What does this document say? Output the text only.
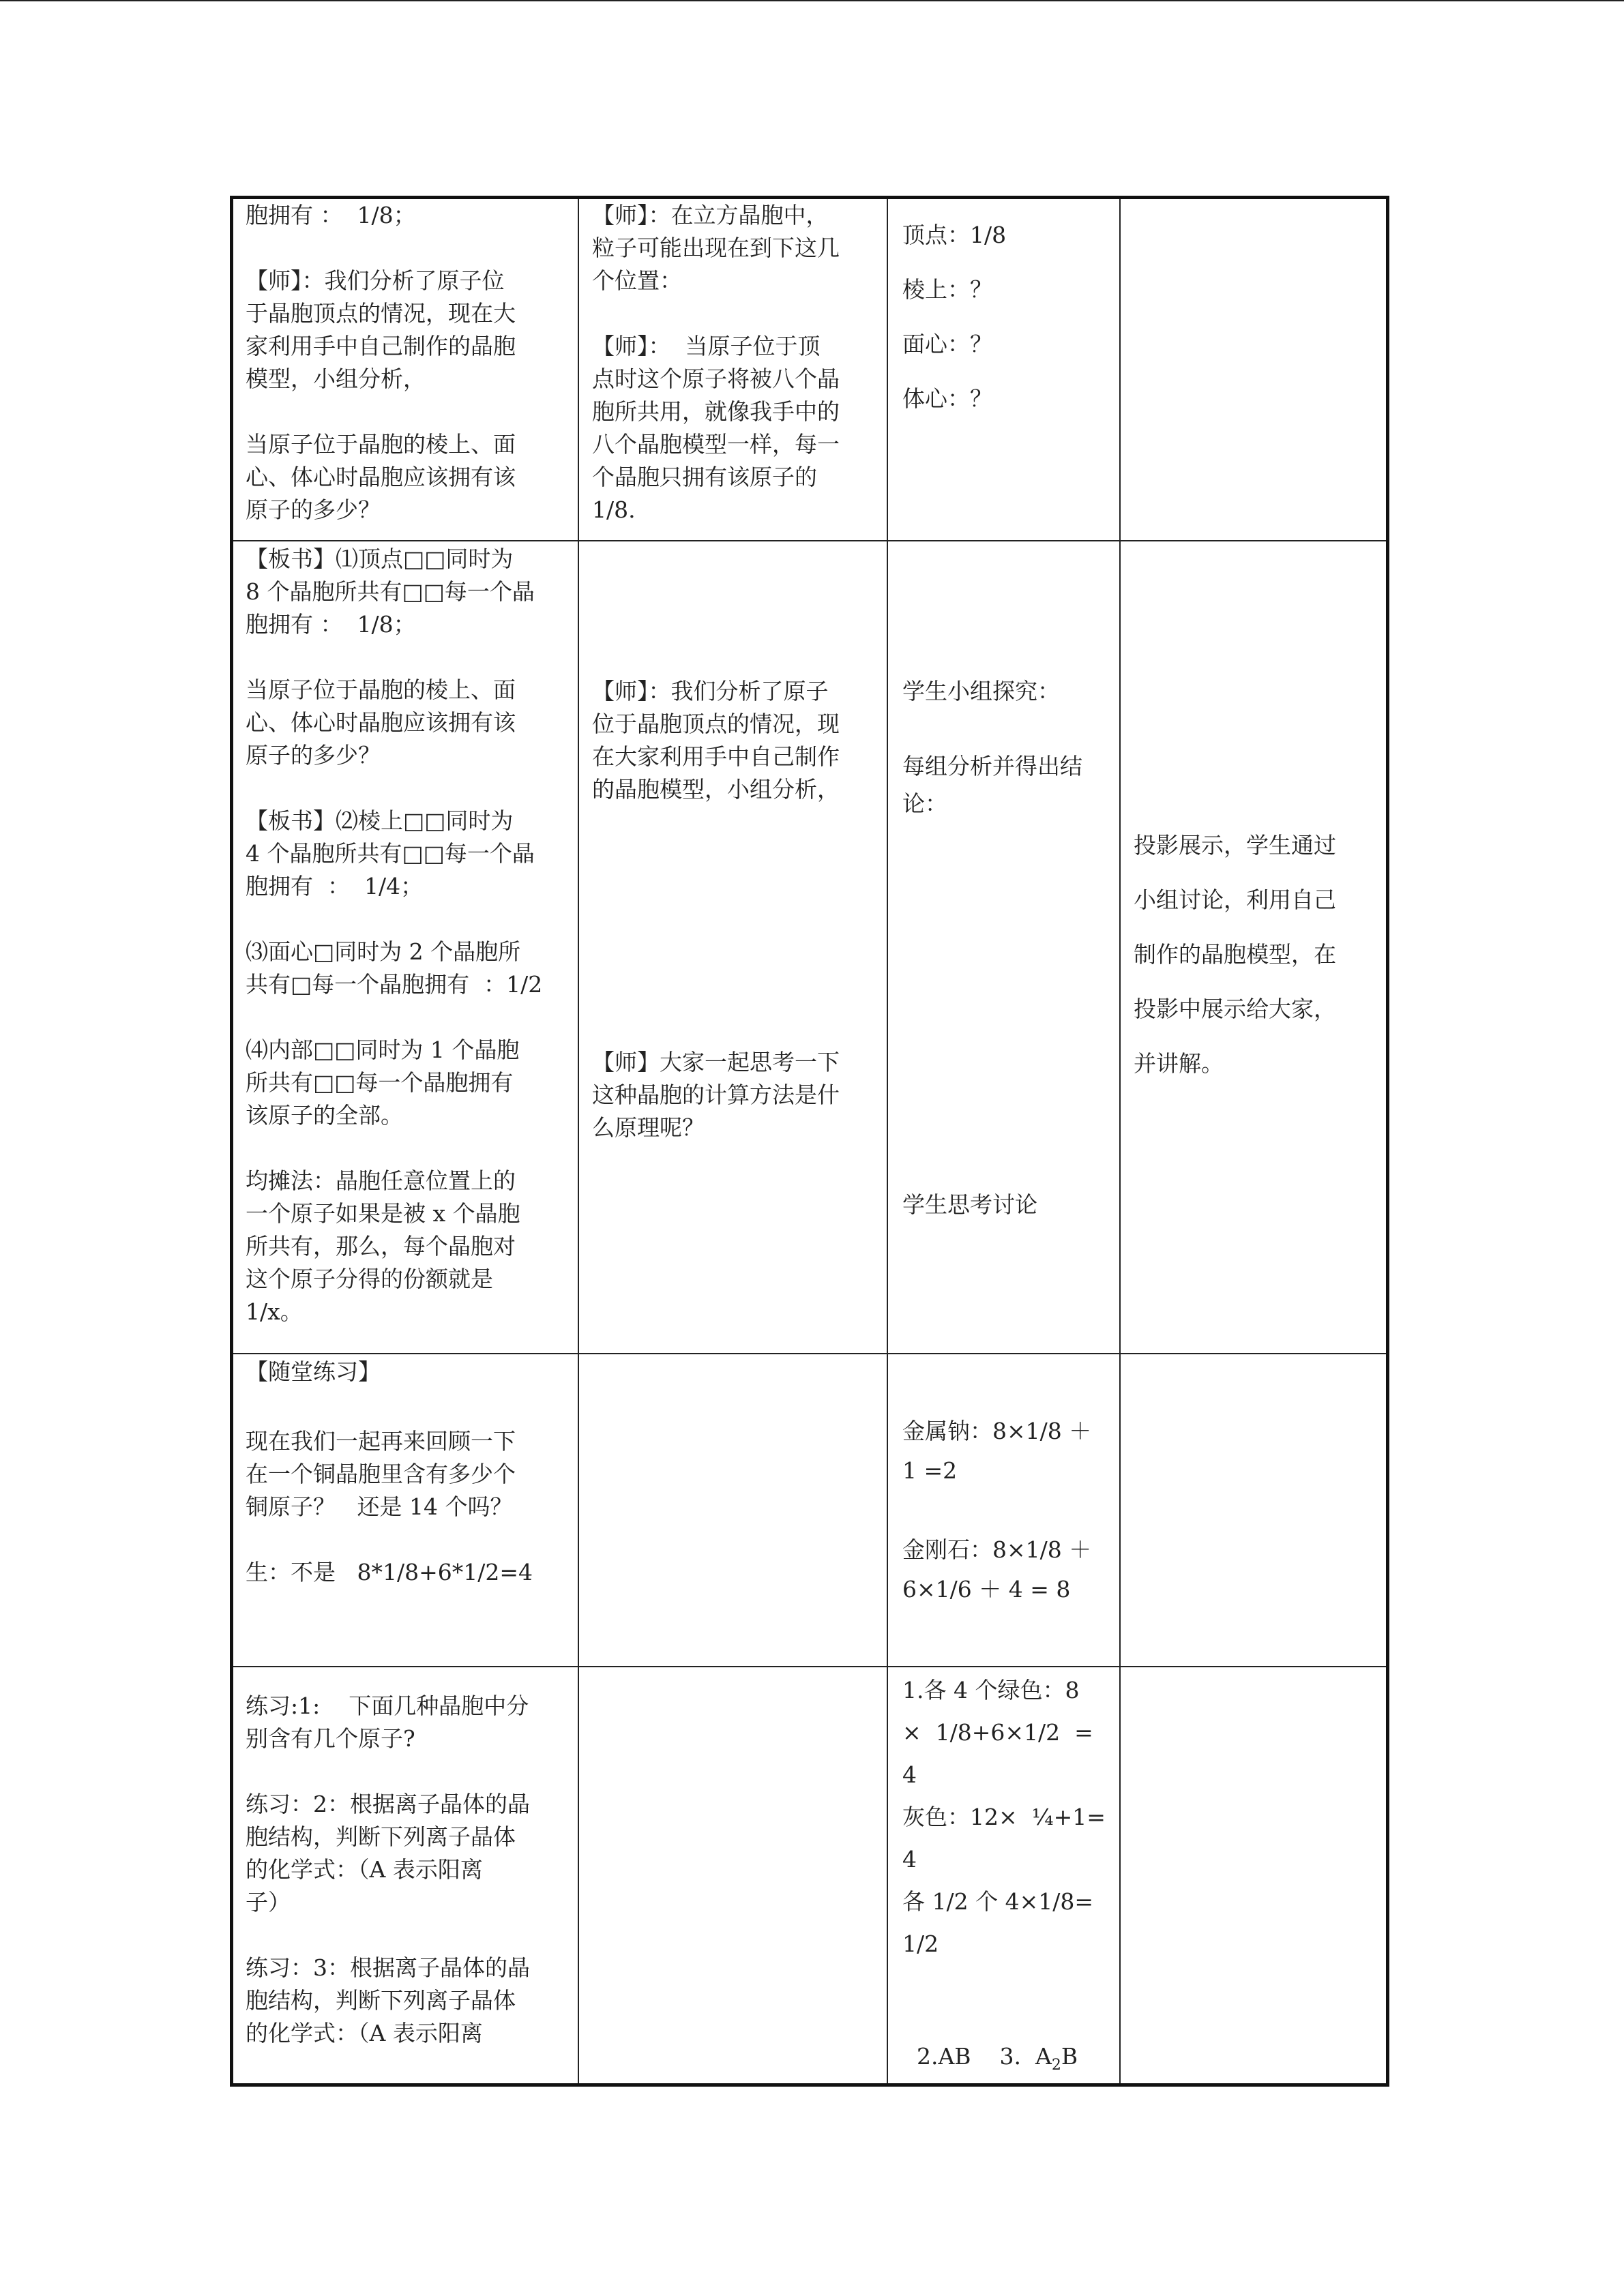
胞拥有 ：  1/8；

【师】：我们分析了原子位
于晶胞顶点的情况，现在大
家利用手中自己制作的晶胞
模型，小组分析，

当原子位于晶胞的棱上、面
心、体心时晶胞应该拥有该
原子的多少？
【师】：在立方晶胞中，
粒子可能出现在到下这几
个位置：

【师】：  当原子位于顶
点时这个原子将被八个晶
胞所共用，就像我手中的
八个晶胞模型一样，每一
个晶胞只拥有该原子的
1/8.
顶点：1/8
棱上：？
面心：？
体心：？
【板书】⑴顶点□□同时为
8 个晶胞所共有□□每一个晶
胞拥有 ：  1/8；

当原子位于晶胞的棱上、面
心、体心时晶胞应该拥有该
原子的多少？

【板书】⑵棱上□□同时为
4 个晶胞所共有□□每一个晶
胞拥有  ：  1/4；

⑶面心□同时为 2 个晶胞所
共有□每一个晶胞拥有  ：1/2

⑷内部□□同时为 1 个晶胞
所共有□□每一个晶胞拥有
该原子的全部。

均摊法：晶胞任意位置上的
一个原子如果是被 x 个晶胞
所共有，那么，每个晶胞对
这个原子分得的份额就是
1/x。
【师】：我们分析了原子
位于晶胞顶点的情况，现
在大家利用手中自己制作
的晶胞模型，小组分析，
【师】大家一起思考一下
这种晶胞的计算方法是什
么原理呢？
学生小组探究：

每组分析并得出结
论：
学生思考讨论
投影展示，学生通过
小组讨论，利用自己
制作的晶胞模型，在
投影中展示给大家，
并讲解。
【随堂练习】
现在我们一起再来回顾一下
在一个铜晶胞里含有多少个
铜原子？   还是 14 个吗？

生：不是   8*1/8+6*1/2=4
金属钠：8×1/8 ＋
1 =2

金刚石：8×1/8 ＋
6×1/6 ＋ 4 = 8
练习:1:    下面几种晶胞中分
别含有几个原子?

练习：2：根据离子晶体的晶
胞结构，判断下列离子晶体
的化学式：（A 表示阳离
子）

练习：3：根据离子晶体的晶
胞结构，判断下列离子晶体
的化学式：（A 表示阳离
1.各 4 个绿色：8
×  1/8+6×1/2  =
4
灰色：12×  ¼+1=
4
各 1/2 个 4×1/8=
1/2

2.AB    3.  $A_2B$
